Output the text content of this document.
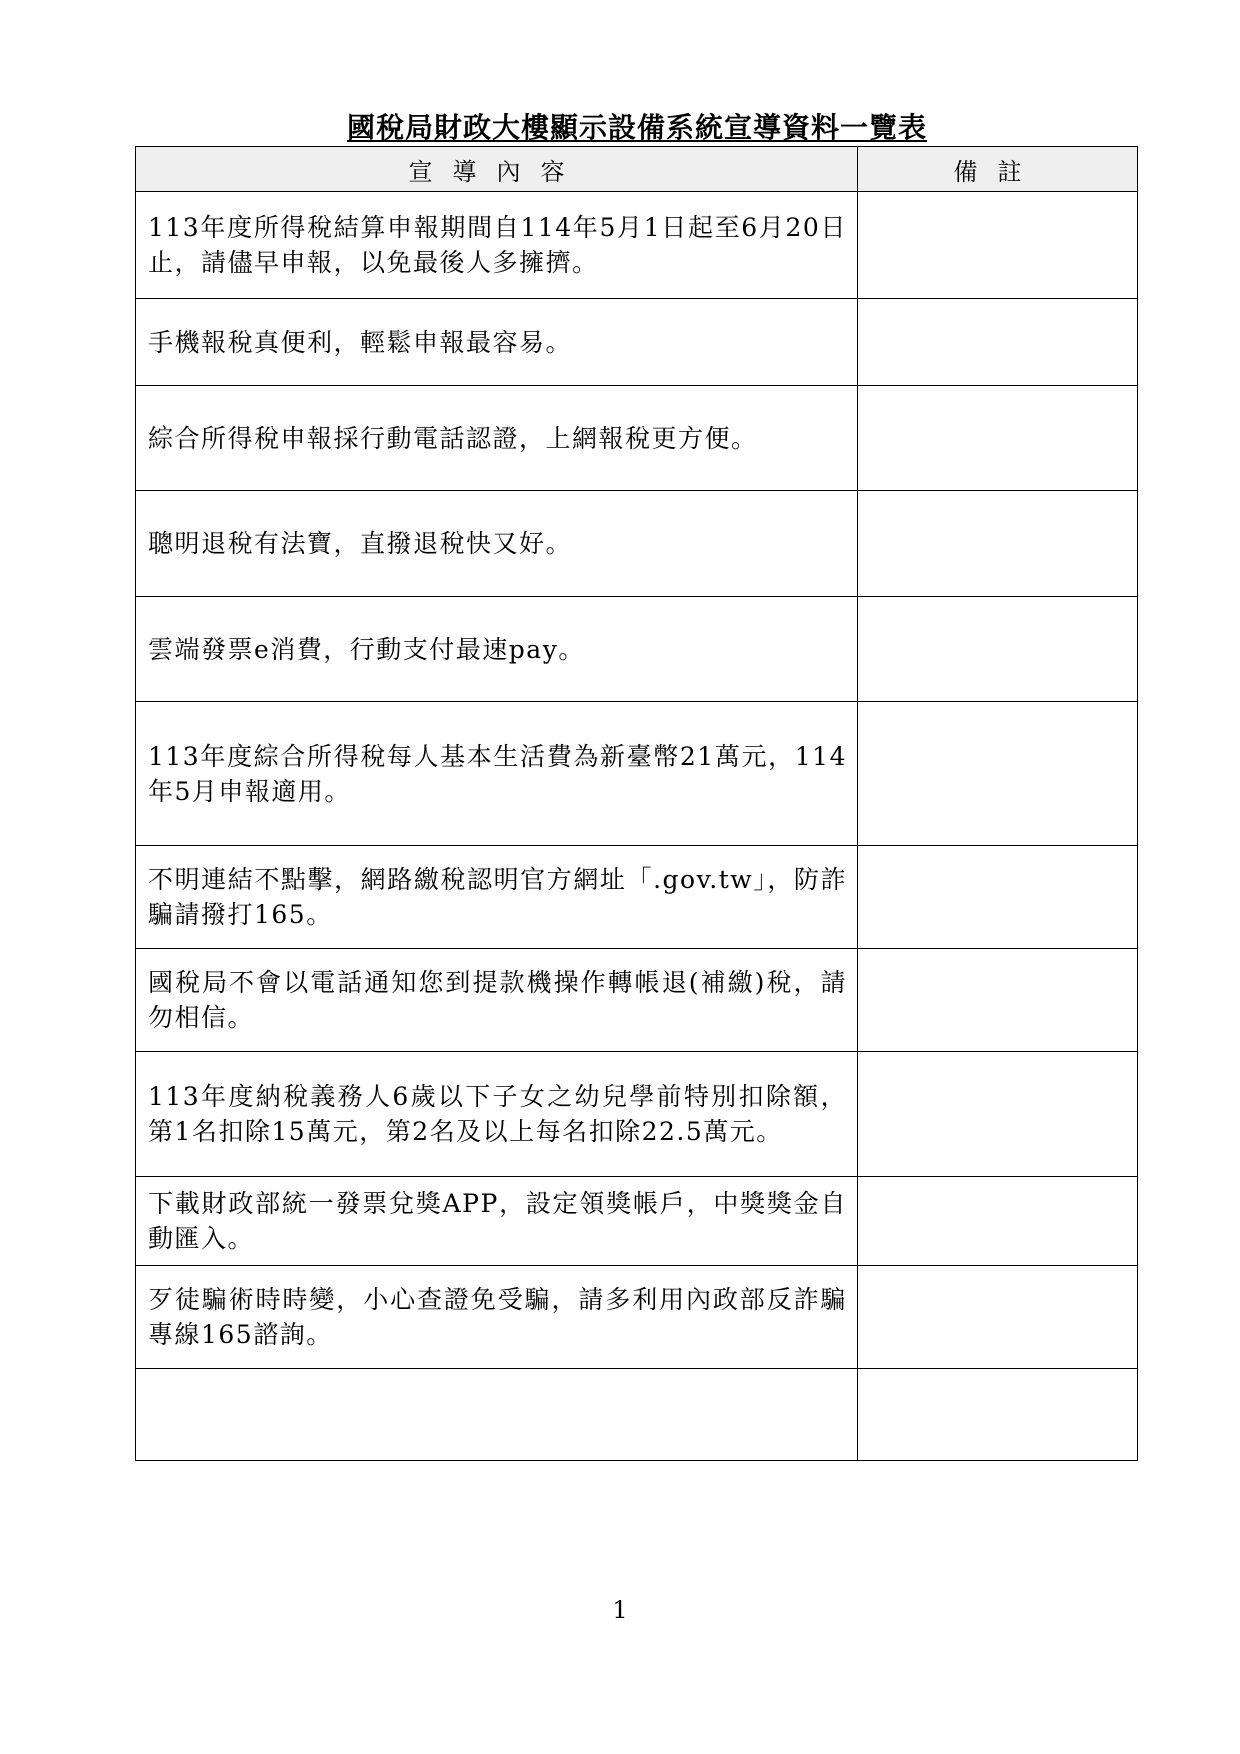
國稅局財政大樓顯示設備系統宣導資料一覽表
宣導內容	備註
113年度所得稅結算申報期間自114年5月1日起至6月20日止，請儘早申報，以免最後人多擁擠。	
手機報稅真便利，輕鬆申報最容易。	
綜合所得稅申報採行動電話認證，上網報稅更方便。	
聰明退稅有法寶，直撥退稅快又好。	
雲端發票e消費，行動支付最速pay。	
113年度綜合所得稅每人基本生活費為新臺幣21萬元，114年5月申報適用。	
不明連結不點擊，網路繳稅認明官方網址「.gov.tw」，防詐騙請撥打165。	
國稅局不會以電話通知您到提款機操作轉帳退(補繳)稅，請勿相信。	
113年度納稅義務人6歲以下子女之幼兒學前特別扣除額，第1名扣除15萬元，第2名及以上每名扣除22.5萬元。	
下載財政部統一發票兌獎APP，設定領獎帳戶，中獎獎金自動匯入。	
歹徒騙術時時變，小心查證免受騙，請多利用內政部反詐騙專線165諮詢。	

1
